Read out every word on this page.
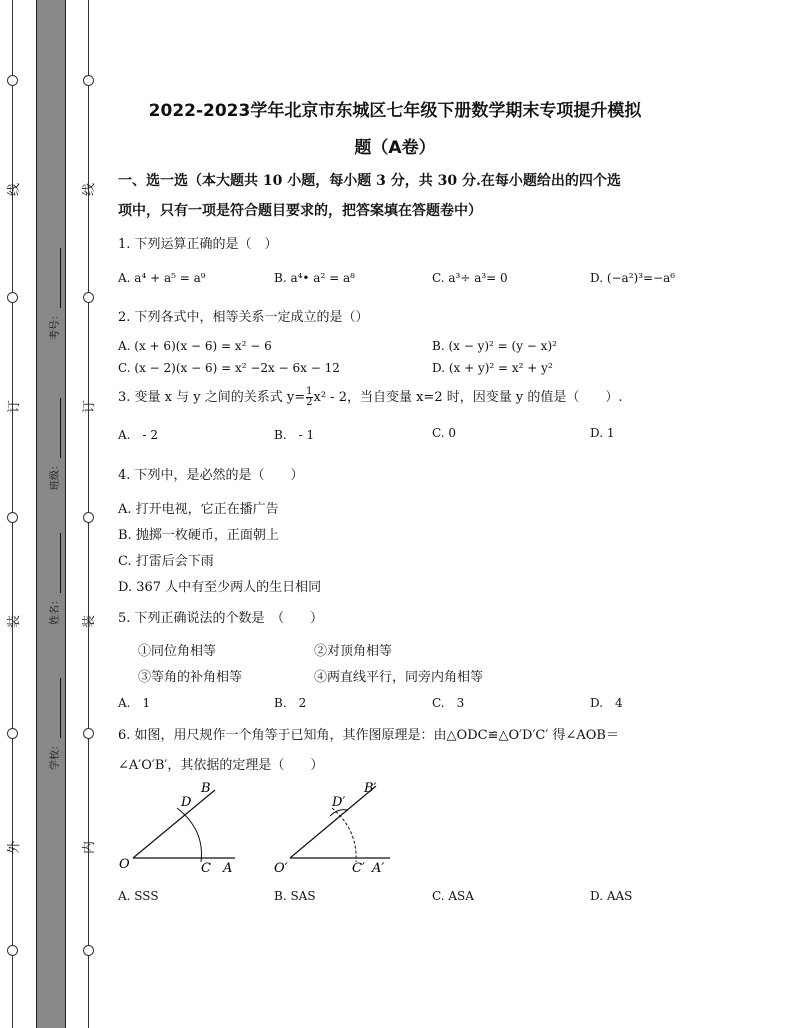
线
订
装
外
线
订
装
内
考号：
班级：
姓名：
学校：
2022-2023学年北京市东城区七年级下册数学期末专项提升模拟
题（A卷）
一、选一选（本大题共 10 小题，每小题 3 分，共 30 分.在每小题给出的四个选
项中，只有一项是符合题目要求的，把答案填在答题卷中）
1. 下列运算正确的是（　）
A. a⁴ + a⁵ = a⁹	B. a⁴• a² = a⁸	C. a³÷ a³= 0	D. (−a²)³=−a⁶
2. 下列各式中，相等关系一定成立的是（）
A. (x + 6)(x − 6) = x² − 6	B. (x − y)² = (y − x)²
C. (x − 2)(x − 6) = x² −2x − 6x − 12	D. (x + y)² = x² + y²
3. 变量 x 与 y 之间的关系式 $y= \frac{1}{2} x^2 - 2$，当自变量 x=2 时，因变量 y 的值是（　　）.
A.　- 2	B.　- 1	C. 0	D. 1
4. 下列中，是必然的是（　　）
A. 打开电视，它正在播广告
B. 抛掷一枚硬币，正面朝上
C. 打雷后会下雨
D. 367 人中有至少两人的生日相同
5. 下列正确说法的个数是　（　　）
①同位角相等	②对顶角相等
③等角的补角相等	④两直线平行，同旁内角相等
A.　1	B.　2	C.　3	D.　4
6. 如图，用尺规作一个角等于已知角，其作图原理是：由△ODC≌△O′D′C′ 得∠AOB＝
∠A′O′B′，其依据的定理是（　　）
O
D
B
C A	O′
D′
B′
C′ A′
A. SSS	B. SAS	C. ASA	D. AAS
